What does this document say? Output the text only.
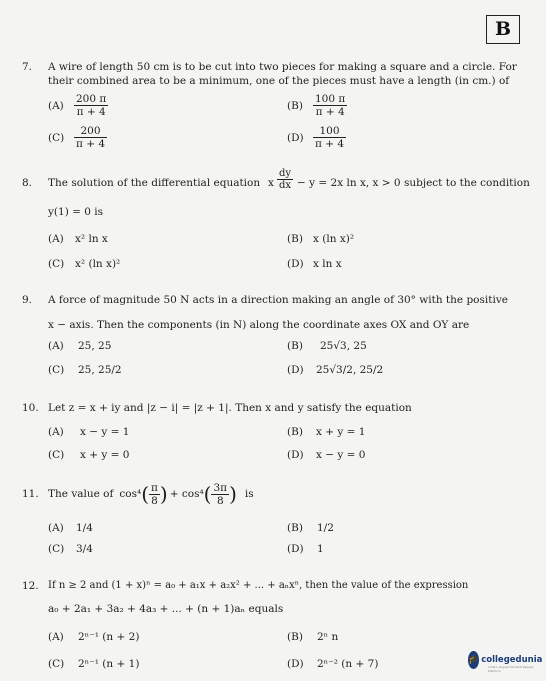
B
7. A wire of length 50 cm is to be cut into two pieces for making a square and a circle. For
their combined area to be a minimum, one of the pieces must have a length (in cm.) of
$(A) \frac{200 \pi}{\pi + 4}$	$(B) \frac{100 \pi}{\pi + 4}$
$(C) \frac{200}{\pi + 4}$	$(D) \frac{100}{\pi + 4}$
8. The solution of the differential equation x $\frac{dy}{dx} - y = 2x$ ln x, x > 0 subject to the condition
y(1) = 0 is
(A) x² ln x	(B) x (ln x)²
(C) x² (ln x)²	(D) x ln x
9. A force of magnitude 50 N acts in a direction making an angle of 30° with the positive
x − axis. Then the components (in N) along the coordinate axes OX and OY are
(A) 25, 25	(B) 25√3, 25
(C) 25, 25/2	(D) 25√3/2, 25/2
10. Let z = x + iy and |z − i| = |z + 1|. Then x and y satisfy the equation
(A) x − y = 1	(B) x + y = 1
(C) x + y = 0	(D) x − y = 0
11. The value of cos⁴ ( $\frac{\pi}{8}$ ) + cos⁴ ( $\frac{3\pi}{8}$ ) is
(A) 1/4	(B) 1/2
(C) 3/4	(D) 1
12. If n ≥ 2 and (1 + x)ⁿ = a₀ + a₁x + a₂x² + ... + aₙxⁿ, then the value of the expression
a₀ + 2a₁ + 3a₂ + 4a₃ + ... + (n + 1)aₙ equals
(A) 2ⁿ⁻¹ (n + 2)	(B) 2ⁿ n
(C) 2ⁿ⁻¹ (n + 1)	(D) 2ⁿ⁻² (n + 7)	🎓 collegedunia
India's largest Student Review Platform
